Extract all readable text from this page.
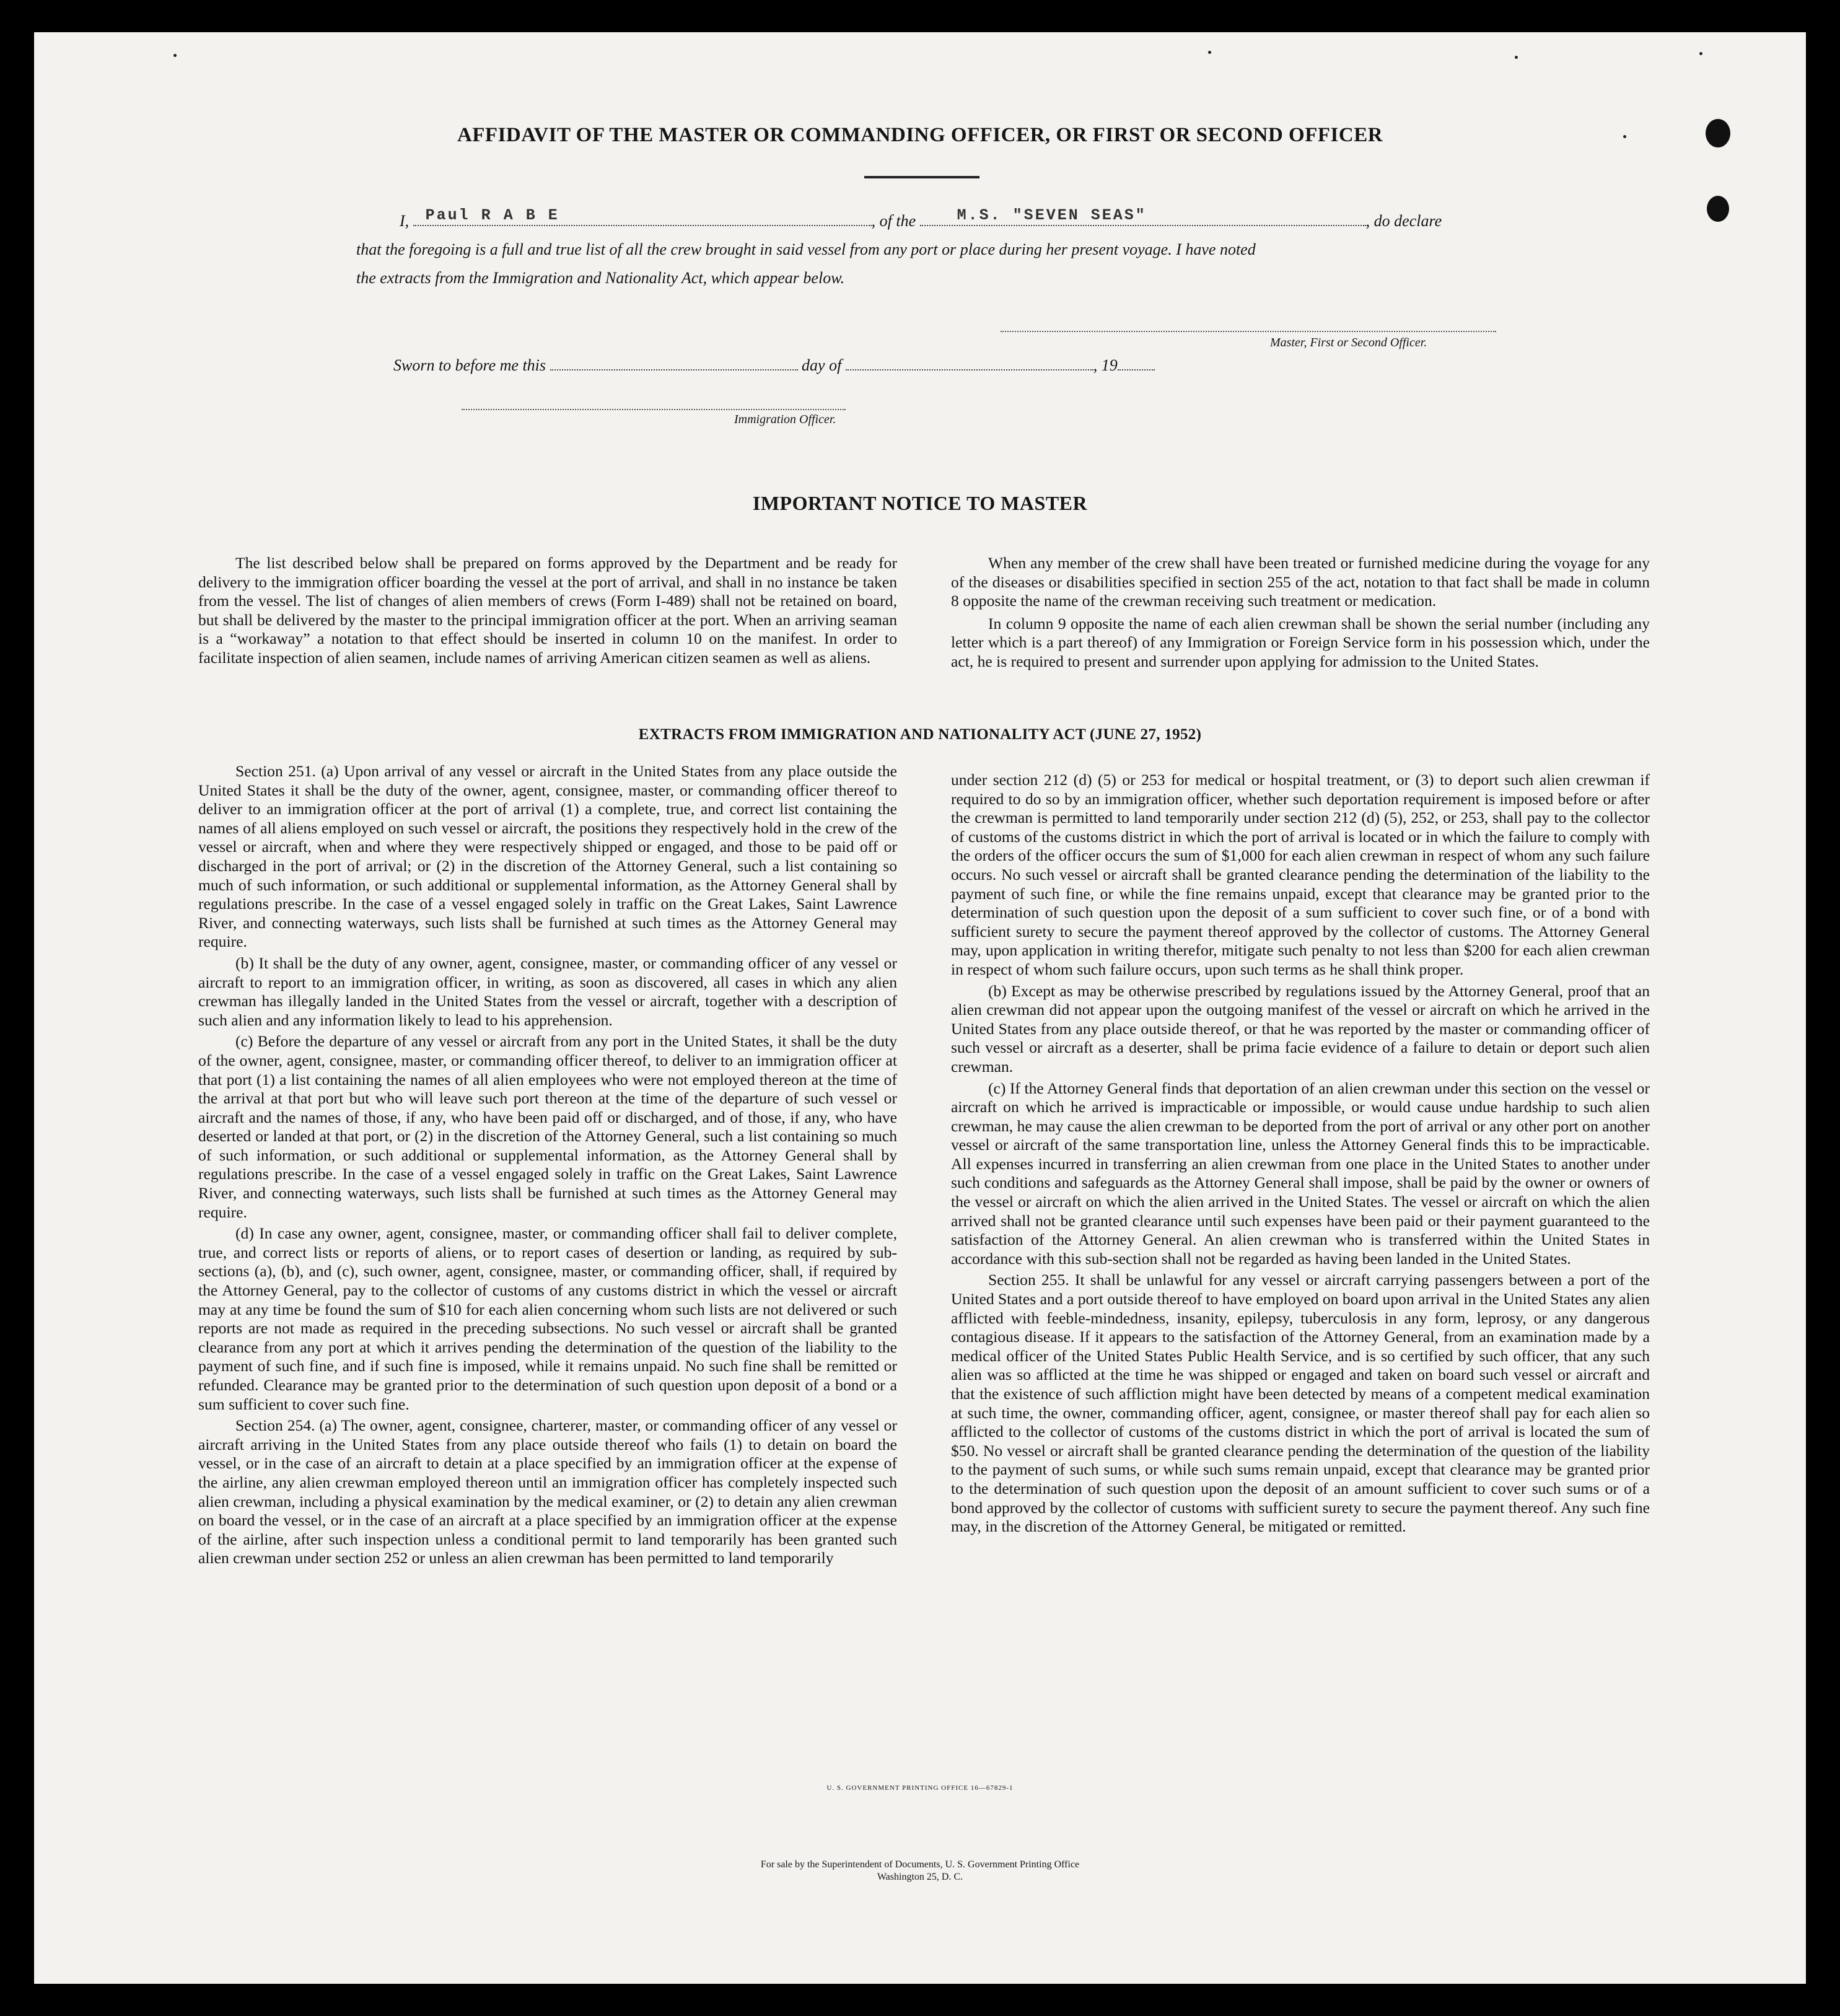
AFFIDAVIT OF THE MASTER OR COMMANDING OFFICER, OR FIRST OR SECOND OFFICER
I, Paul R A B E	, of the	M.S. "SEVEN SEAS"	, do declare
that the foregoing is a full and true list of all the crew brought in said vessel from any port or place during her present voyage. I have noted
the extracts from the Immigration and Nationality Act, which appear below.
Master, First or Second Officer.
Sworn to before me this	day of	, 19
Immigration Officer.
IMPORTANT NOTICE TO MASTER

The list described below shall be prepared on forms approved by the Department and be ready for delivery to the immigration officer boarding the vessel at the port of arrival, and shall in no instance be taken from the vessel. The list of changes of alien members of crews (Form I-489) shall not be retained on board, but shall be delivered by the master to the principal immigration officer at the port. When an arriving seaman is a “workaway” a notation to that effect should be inserted in column 10 on the manifest. In order to facilitate inspection of alien seamen, include names of arriving American citizen seamen as well as aliens.

When any member of the crew shall have been treated or furnished medicine during the voyage for any of the diseases or disabilities specified in section 255 of the act, notation to that fact shall be made in column 8 opposite the name of the crewman receiving such treatment or medication.

In column 9 opposite the name of each alien crewman shall be shown the serial number (including any letter which is a part thereof) of any Immigration or Foreign Service form in his possession which, under the act, he is required to present and surrender upon applying for admission to the United States.

EXTRACTS FROM IMMIGRATION AND NATIONALITY ACT (JUNE 27, 1952)

Section 251. (a) Upon arrival of any vessel or aircraft in the United States from any place outside the United States it shall be the duty of the owner, agent, consignee, master, or commanding officer thereof to deliver to an immigration officer at the port of arrival (1) a complete, true, and correct list containing the names of all aliens employed on such vessel or aircraft, the positions they respectively hold in the crew of the vessel or aircraft, when and where they were respectively shipped or engaged, and those to be paid off or discharged in the port of arrival; or (2) in the discretion of the Attorney General, such a list containing so much of such information, or such additional or supplemental information, as the Attorney General shall by regulations prescribe. In the case of a vessel engaged solely in traffic on the Great Lakes, Saint Lawrence River, and connecting waterways, such lists shall be furnished at such times as the Attorney General may require.

(b) It shall be the duty of any owner, agent, consignee, master, or commanding officer of any vessel or aircraft to report to an immigration officer, in writing, as soon as discovered, all cases in which any alien crewman has illegally landed in the United States from the vessel or aircraft, together with a description of such alien and any information likely to lead to his apprehension.

(c) Before the departure of any vessel or aircraft from any port in the United States, it shall be the duty of the owner, agent, consignee, master, or commanding officer thereof, to deliver to an immigration officer at that port (1) a list containing the names of all alien employees who were not employed thereon at the time of the arrival at that port but who will leave such port thereon at the time of the departure of such vessel or aircraft and the names of those, if any, who have been paid off or discharged, and of those, if any, who have deserted or landed at that port, or (2) in the discretion of the Attorney General, such a list containing so much of such information, or such additional or supplemental information, as the Attorney General shall by regulations prescribe. In the case of a vessel engaged solely in traffic on the Great Lakes, Saint Lawrence River, and connecting waterways, such lists shall be furnished at such times as the Attorney General may require.

(d) In case any owner, agent, consignee, master, or commanding officer shall fail to deliver complete, true, and correct lists or reports of aliens, or to report cases of desertion or landing, as required by sub-sections (a), (b), and (c), such owner, agent, consignee, master, or commanding officer, shall, if required by the Attorney General, pay to the collector of customs of any customs district in which the vessel or aircraft may at any time be found the sum of $10 for each alien concerning whom such lists are not delivered or such reports are not made as required in the preceding subsections. No such vessel or aircraft shall be granted clearance from any port at which it arrives pending the determination of the question of the liability to the payment of such fine, and if such fine is imposed, while it remains unpaid. No such fine shall be remitted or refunded. Clearance may be granted prior to the determination of such question upon deposit of a bond or a sum sufficient to cover such fine.

Section 254. (a) The owner, agent, consignee, charterer, master, or commanding officer of any vessel or aircraft arriving in the United States from any place outside thereof who fails (1) to detain on board the vessel, or in the case of an aircraft to detain at a place specified by an immigration officer at the expense of the airline, any alien crewman employed thereon until an immigration officer has completely inspected such alien crewman, including a physical examination by the medical examiner, or (2) to detain any alien crewman on board the vessel, or in the case of an aircraft at a place specified by an immigration officer at the expense of the airline, after such inspection unless a conditional permit to land temporarily has been granted such alien crewman under section 252 or unless an alien crewman has been permitted to land temporarily

under section 212 (d) (5) or 253 for medical or hospital treatment, or (3) to deport such alien crewman if required to do so by an immigration officer, whether such deportation requirement is imposed before or after the crewman is permitted to land temporarily under section 212 (d) (5), 252, or 253, shall pay to the collector of customs of the customs district in which the port of arrival is located or in which the failure to comply with the orders of the officer occurs the sum of $1,000 for each alien crewman in respect of whom any such failure occurs. No such vessel or aircraft shall be granted clearance pending the determination of the liability to the payment of such fine, or while the fine remains unpaid, except that clearance may be granted prior to the determination of such question upon the deposit of a sum sufficient to cover such fine, or of a bond with sufficient surety to secure the payment thereof approved by the collector of customs. The Attorney General may, upon application in writing therefor, mitigate such penalty to not less than $200 for each alien crewman in respect of whom such failure occurs, upon such terms as he shall think proper.

(b) Except as may be otherwise prescribed by regulations issued by the Attorney General, proof that an alien crewman did not appear upon the outgoing manifest of the vessel or aircraft on which he arrived in the United States from any place outside thereof, or that he was reported by the master or commanding officer of such vessel or aircraft as a deserter, shall be prima facie evidence of a failure to detain or deport such alien crewman.

(c) If the Attorney General finds that deportation of an alien crewman under this section on the vessel or aircraft on which he arrived is impracticable or impossible, or would cause undue hardship to such alien crewman, he may cause the alien crewman to be deported from the port of arrival or any other port on another vessel or aircraft of the same transportation line, unless the Attorney General finds this to be impracticable. All expenses incurred in transferring an alien crewman from one place in the United States to another under such conditions and safeguards as the Attorney General shall impose, shall be paid by the owner or owners of the vessel or aircraft on which the alien arrived in the United States. The vessel or aircraft on which the alien arrived shall not be granted clearance until such expenses have been paid or their payment guaranteed to the satisfaction of the Attorney General. An alien crewman who is transferred within the United States in accordance with this sub-section shall not be regarded as having been landed in the United States.

Section 255. It shall be unlawful for any vessel or aircraft carrying passengers between a port of the United States and a port outside thereof to have employed on board upon arrival in the United States any alien afflicted with feeble-mindedness, insanity, epilepsy, tuberculosis in any form, leprosy, or any dangerous contagious disease. If it appears to the satisfaction of the Attorney General, from an examination made by a medical officer of the United States Public Health Service, and is so certified by such officer, that any such alien was so afflicted at the time he was shipped or engaged and taken on board such vessel or aircraft and that the existence of such affliction might have been detected by means of a competent medical examination at such time, the owner, commanding officer, agent, consignee, or master thereof shall pay for each alien so afflicted to the collector of customs of the customs district in which the port of arrival is located the sum of $50. No vessel or aircraft shall be granted clearance pending the determination of the question of the liability to the payment of such sums, or while such sums remain unpaid, except that clearance may be granted prior to the determination of such question upon the deposit of an amount sufficient to cover such sums or of a bond approved by the collector of customs with sufficient surety to secure the payment thereof. Any such fine may, in the discretion of the Attorney General, be mitigated or remitted.

U. S. GOVERNMENT PRINTING OFFICE 16—67829-1
For sale by the Superintendent of Documents, U. S. Government Printing Office
Washington 25, D. C.
